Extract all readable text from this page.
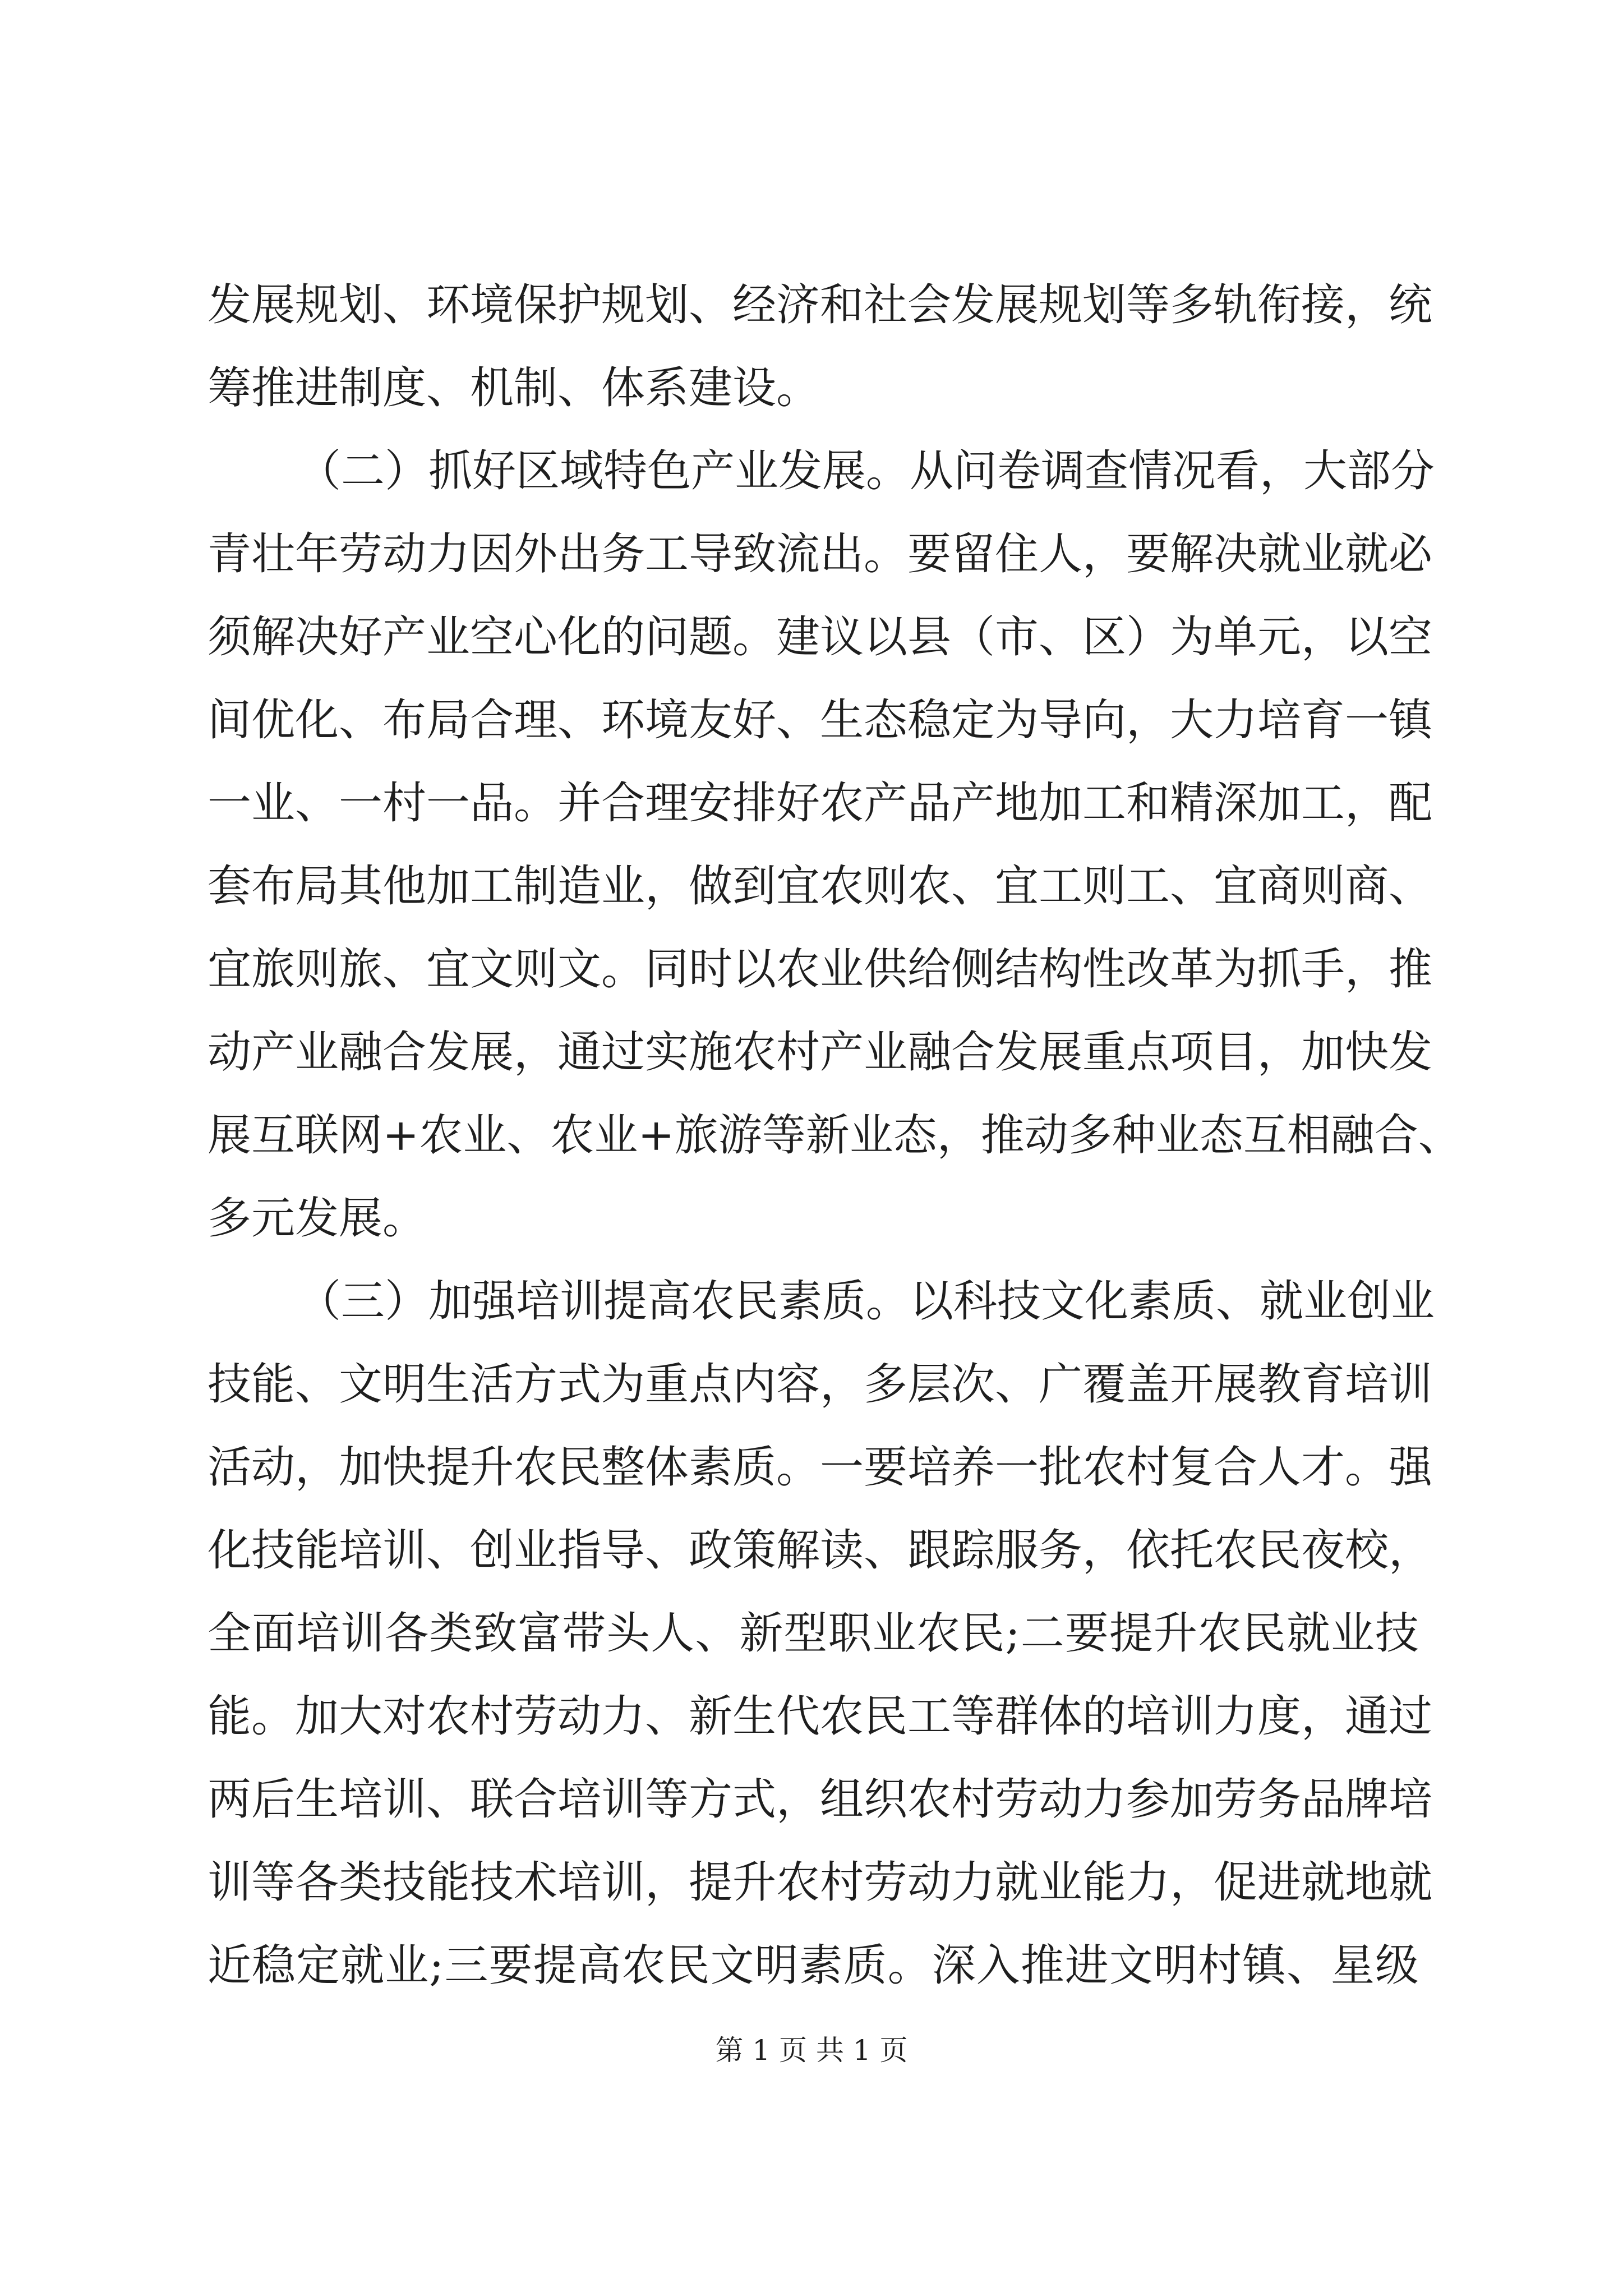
发展规划、环境保护规划、经济和社会发展规划等多轨衔接，统

筹推进制度、机制、体系建设。

（二）抓好区域特色产业发展。从问卷调查情况看，大部分

青壮年劳动力因外出务工导致流出。要留住人，要解决就业就必

须解决好产业空心化的问题。建议以县（市、区）为单元，以空

间优化、布局合理、环境友好、生态稳定为导向，大力培育一镇

一业、一村一品。并合理安排好农产品产地加工和精深加工，配

套布局其他加工制造业，做到宜农则农、宜工则工、宜商则商、

宜旅则旅、宜文则文。同时以农业供给侧结构性改革为抓手，推

动产业融合发展，通过实施农村产业融合发展重点项目，加快发

展互联网+农业、农业+旅游等新业态，推动多种业态互相融合、

多元发展。

（三）加强培训提高农民素质。以科技文化素质、就业创业

技能、文明生活方式为重点内容，多层次、广覆盖开展教育培训

活动，加快提升农民整体素质。一要培养一批农村复合人才。强

化技能培训、创业指导、政策解读、跟踪服务，依托农民夜校，

全面培训各类致富带头人、新型职业农民;二要提升农民就业技

能。加大对农村劳动力、新生代农民工等群体的培训力度，通过

两后生培训、联合培训等方式，组织农村劳动力参加劳务品牌培

训等各类技能技术培训，提升农村劳动力就业能力，促进就地就

近稳定就业;三要提高农民文明素质。深入推进文明村镇、星级

第 1 页 共 1 页
